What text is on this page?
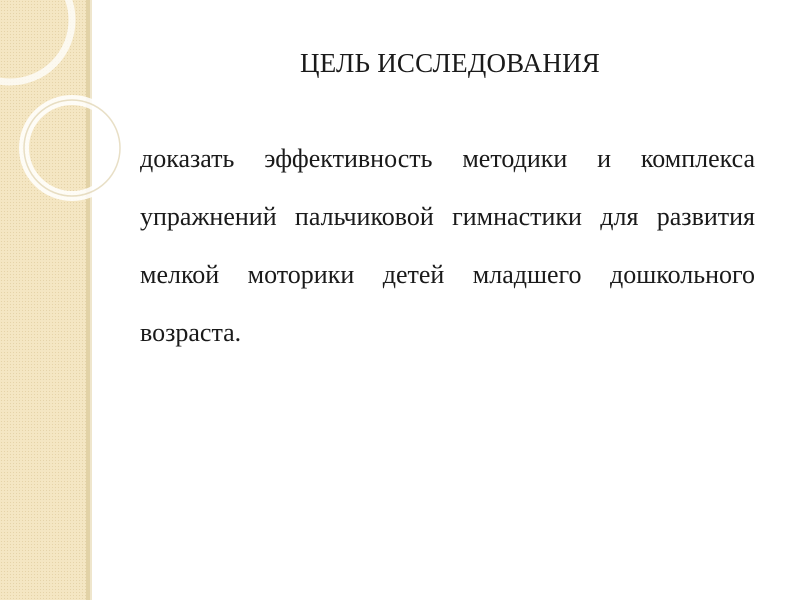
ЦЕЛЬ ИССЛЕДОВАНИЯ

доказать эффективность методики и комплекса упражнений пальчиковой гимнастики для развития мелкой моторики детей младшего дошкольного возраста.
